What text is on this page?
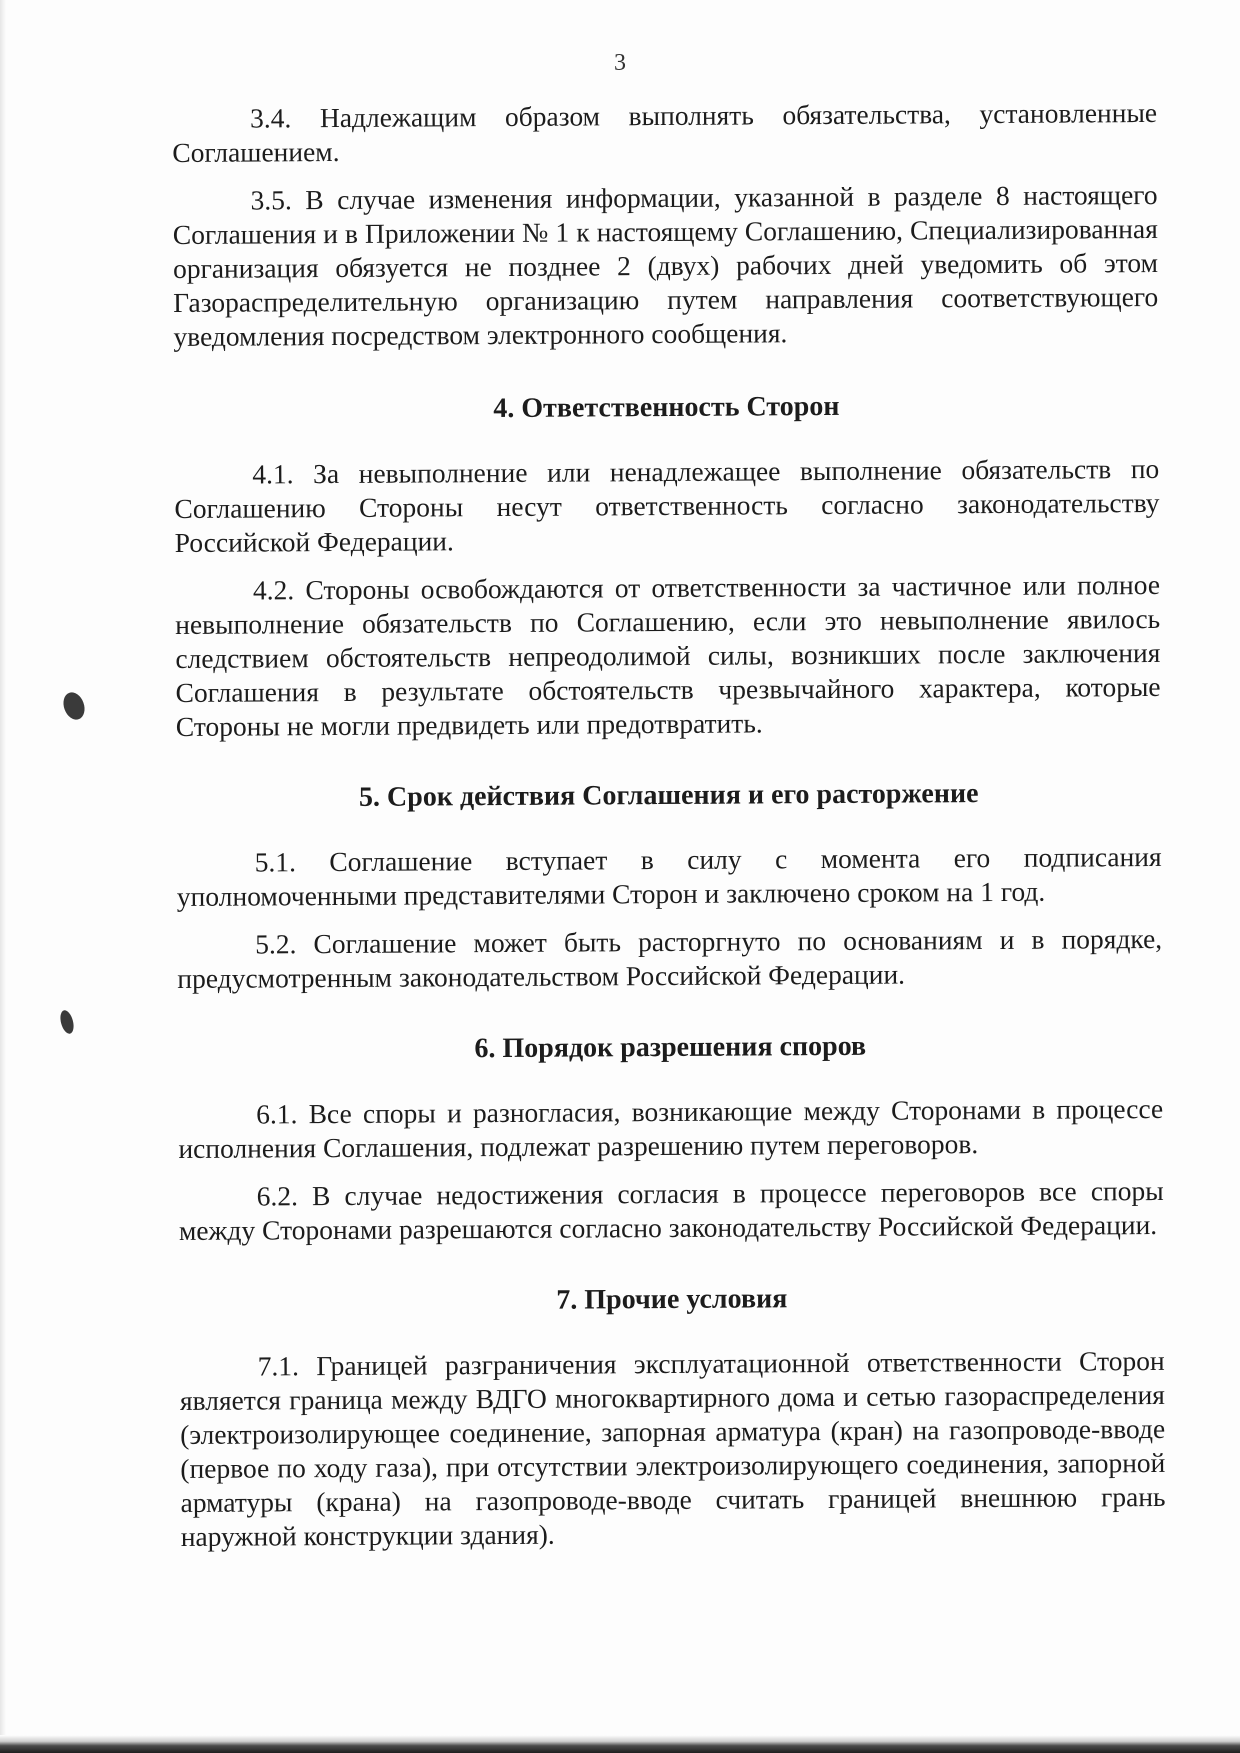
3

3.4. Надлежащим образом выполнять обязательства, установленные Соглашением.

3.5. В случае изменения информации, указанной в разделе 8 настоящего Соглашения и в Приложении № 1 к настоящему Соглашению, Специализированная организация обязуется не позднее 2 (двух) рабочих дней уведомить об этом Газораспределительную организацию путем направления соответствующего уведомления посредством электронного сообщения.

4. Ответственность Сторон

4.1. За невыполнение или ненадлежащее выполнение обязательств по Соглашению Стороны несут ответственность согласно законодательству Российской Федерации.

4.2. Стороны освобождаются от ответственности за частичное или полное невыполнение обязательств по Соглашению, если это невыполнение явилось следствием обстоятельств непреодолимой силы, возникших после заключения Соглашения в результате обстоятельств чрезвычайного характера, которые Стороны не могли предвидеть или предотвратить.

5. Срок действия Соглашения и его расторжение

5.1. Соглашение вступает в силу с момента его подписания уполномоченными представителями Сторон и заключено сроком на 1 год.

5.2. Соглашение может быть расторгнуто по основаниям и в порядке, предусмотренным законодательством Российской Федерации.

6. Порядок разрешения споров

6.1. Все споры и разногласия, возникающие между Сторонами в процессе исполнения Соглашения, подлежат разрешению путем переговоров.

6.2. В случае недостижения согласия в процессе переговоров все споры между Сторонами разрешаются согласно законодательству Российской Федерации.

7. Прочие условия

7.1. Границей разграничения эксплуатационной ответственности Сторон является граница между ВДГО многоквартирного дома и сетью газораспределения (электроизолирующее соединение, запорная арматура (кран) на газопроводе-вводе (первое по ходу газа), при отсутствии электроизолирующего соединения, запорной арматуры (крана) на газопроводе-вводе считать границей внешнюю грань наружной конструкции здания).
